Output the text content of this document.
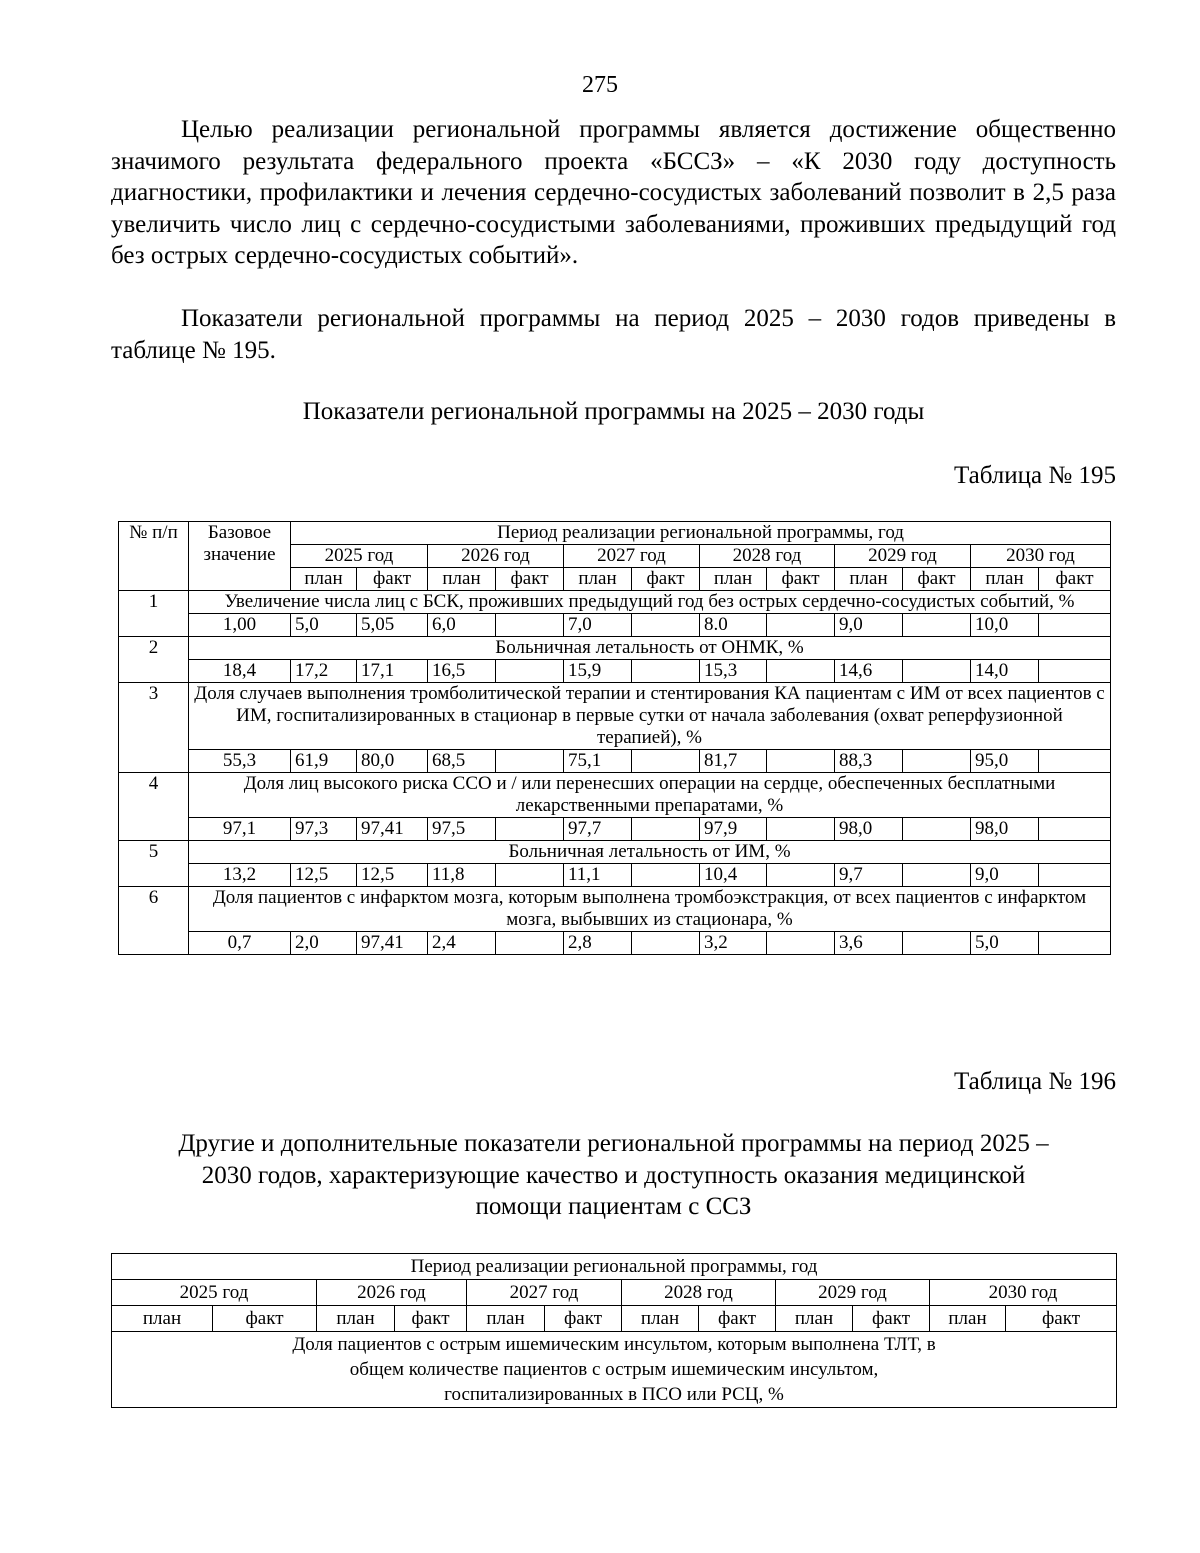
275
Целью реализации региональной программы является достижение общественно значимого результата федерального проекта «БССЗ» – «К 2030 году доступность диагностики, профилактики и лечения сердечно-сосудистых заболеваний позволит в 2,5 раза увеличить число лиц с сердечно-сосудистыми заболеваниями, проживших предыдущий год без острых сердечно-сосудистых событий».
Показатели региональной программы на период 2025 – 2030 годов приведены в таблице № 195.
Показатели региональной программы на 2025 – 2030 годы
Таблица № 195
№ п/п	Базовое значение	Период реализации региональной программы, год											
		2025 год		2026 год		2027 год		2028 год		2029 год		2030 год	
		план	факт	план	факт	план	факт	план	факт	план	факт	план	факт
1	Увеличение числа лиц с БСК, проживших предыдущий год без острых сердечно-сосудистых событий, %												
	1,00	5,0	5,05	6,0		7,0		8.0		9,0		10,0	
2	Больничная летальность от ОНМК, %												
	18,4	17,2	17,1	16,5		15,9		15,3		14,6		14,0	
3	Доля случаев выполнения тромболитической терапии и стентирования КА пациентам с ИМ от всех пациентов с ИМ, госпитализированных в стационар в первые сутки от начала заболевания (охват реперфузионной терапией), %												
	55,3	61,9	80,0	68,5		75,1		81,7		88,3		95,0	
4	Доля лиц высокого риска ССО и / или перенесших операции на сердце, обеспеченных бесплатными лекарственными препаратами, %												
	97,1	97,3	97,41	97,5		97,7		97,9		98,0		98,0	
5	Больничная летальность от ИМ, %												
	13,2	12,5	12,5	11,8		11,1		10,4		9,7		9,0	
6	Доля пациентов с инфарктом мозга, которым выполнена тромбоэкстракция, от всех пациентов с инфарктом мозга, выбывших из стационара, %												
	0,7	2,0	97,41	2,4		2,8		3,2		3,6		5,0	
Таблица № 196
Другие и дополнительные показатели региональной программы на период 2025 – 2030 годов, характеризующие качество и доступность оказания медицинской помощи пациентам с ССЗ
Период реализации региональной программы, год											
2025 год		2026 год		2027 год		2028 год		2029 год		2030 год	
план	факт	план	факт	план	факт	план	факт	план	факт	план	факт
Доля пациентов с острым ишемическим инсультом, которым выполнена ТЛТ, в общем количестве пациентов с острым ишемическим инсультом, госпитализированных в ПСО или РСЦ, %											
